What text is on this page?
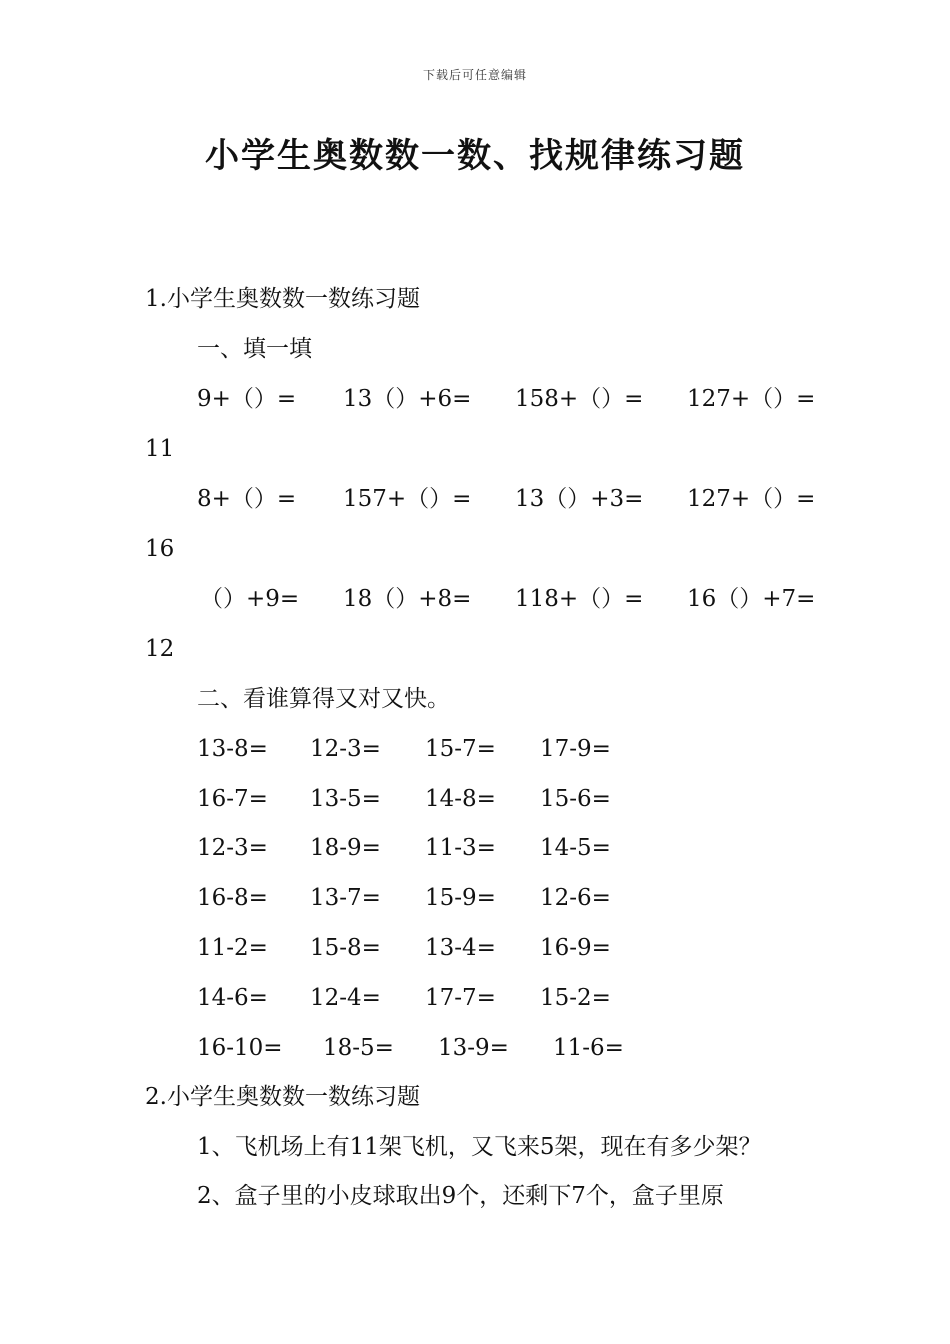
下载后可任意编辑
小学生奥数数一数、找规律练习题
1.小学生奥数数一数练习题
一、填一填
9+（）= 13（）+6= 158+（）= 127+（）=
11
8+（）= 157+（）= 13（）+3= 127+（）=
16
（）+9= 18（）+8= 118+（）= 16（）+7=
12
二、看谁算得又对又快。
13-8= 12-3= 15-7= 17-9=
16-7= 13-5= 14-8= 15-6=
12-3= 18-9= 11-3= 14-5=
16-8= 13-7= 15-9= 12-6=
11-2= 15-8= 13-4= 16-9=
14-6= 12-4= 17-7= 15-2=
16-10= 18-5= 13-9= 11-6=
2.小学生奥数数一数练习题
1、飞机场上有11架飞机，又飞来5架，现在有多少架？
2、盒子里的小皮球取出9个，还剩下7个，盒子里原
